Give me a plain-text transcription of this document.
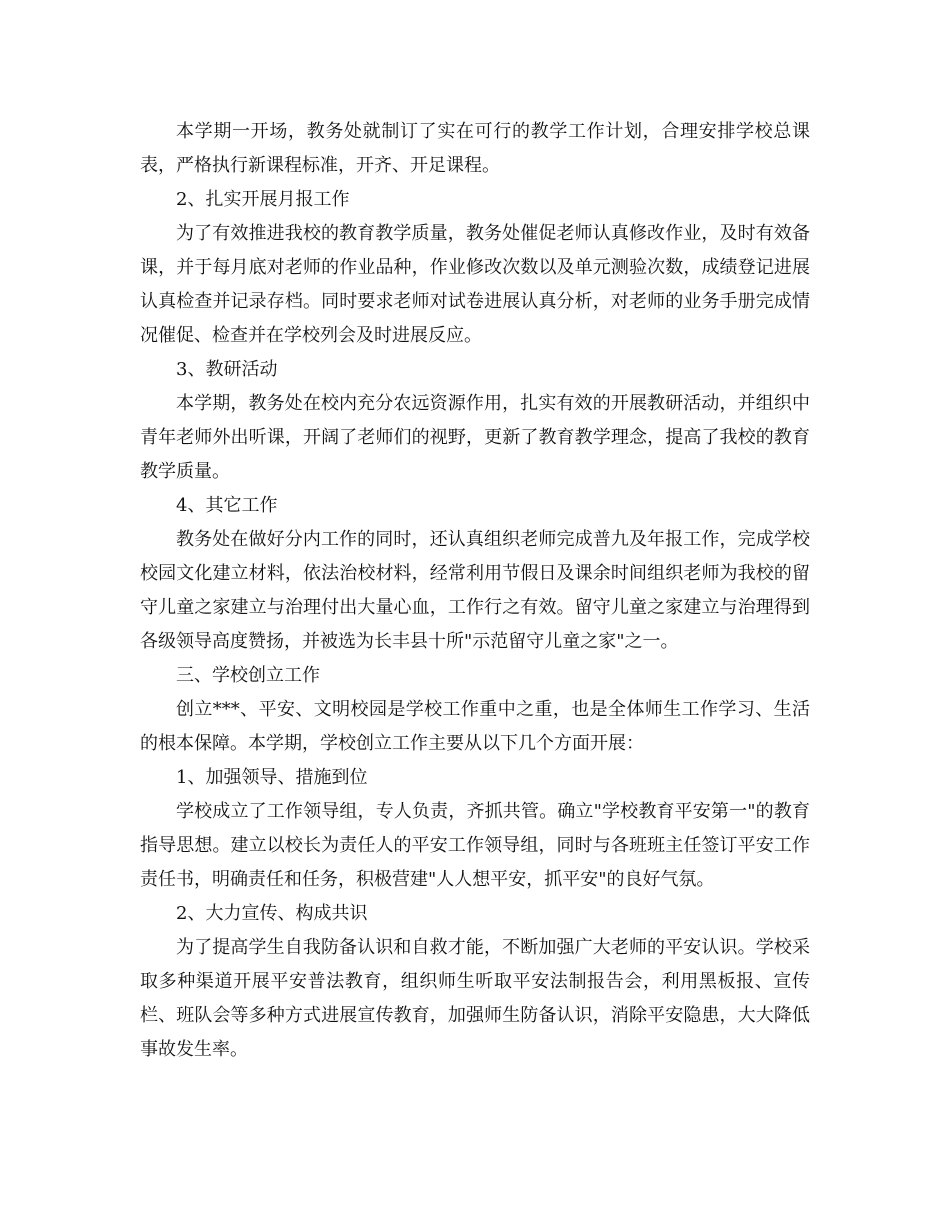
本学期一开场，教务处就制订了实在可行的教学工作计划，合理安排学校总课表，严格执行新课程标准，开齐、开足课程。

2、扎实开展月报工作

为了有效推进我校的教育教学质量，教务处催促老师认真修改作业，及时有效备课，并于每月底对老师的作业品种，作业修改次数以及单元测验次数，成绩登记进展认真检查并记录存档。同时要求老师对试卷进展认真分析，对老师的业务手册完成情况催促、检查并在学校列会及时进展反应。

3、教研活动

本学期，教务处在校内充分农远资源作用，扎实有效的开展教研活动，并组织中青年老师外出听课，开阔了老师们的视野，更新了教育教学理念，提高了我校的教育教学质量。

4、其它工作

教务处在做好分内工作的同时，还认真组织老师完成普九及年报工作，完成学校校园文化建立材料，依法治校材料，经常利用节假日及课余时间组织老师为我校的留守儿童之家建立与治理付出大量心血，工作行之有效。留守儿童之家建立与治理得到各级领导高度赞扬，并被选为长丰县十所"示范留守儿童之家"之一。

三、学校创立工作

创立***、平安、文明校园是学校工作重中之重，也是全体师生工作学习、生活的根本保障。本学期，学校创立工作主要从以下几个方面开展：

1、加强领导、措施到位

学校成立了工作领导组，专人负责，齐抓共管。确立"学校教育平安第一"的教育指导思想。建立以校长为责任人的平安工作领导组，同时与各班班主任签订平安工作责任书，明确责任和任务，积极营建"人人想平安，抓平安"的良好气氛。

2、大力宣传、构成共识

为了提高学生自我防备认识和自救才能，不断加强广大老师的平安认识。学校采取多种渠道开展平安普法教育，组织师生听取平安法制报告会，利用黑板报、宣传栏、班队会等多种方式进展宣传教育，加强师生防备认识，消除平安隐患，大大降低事故发生率。
